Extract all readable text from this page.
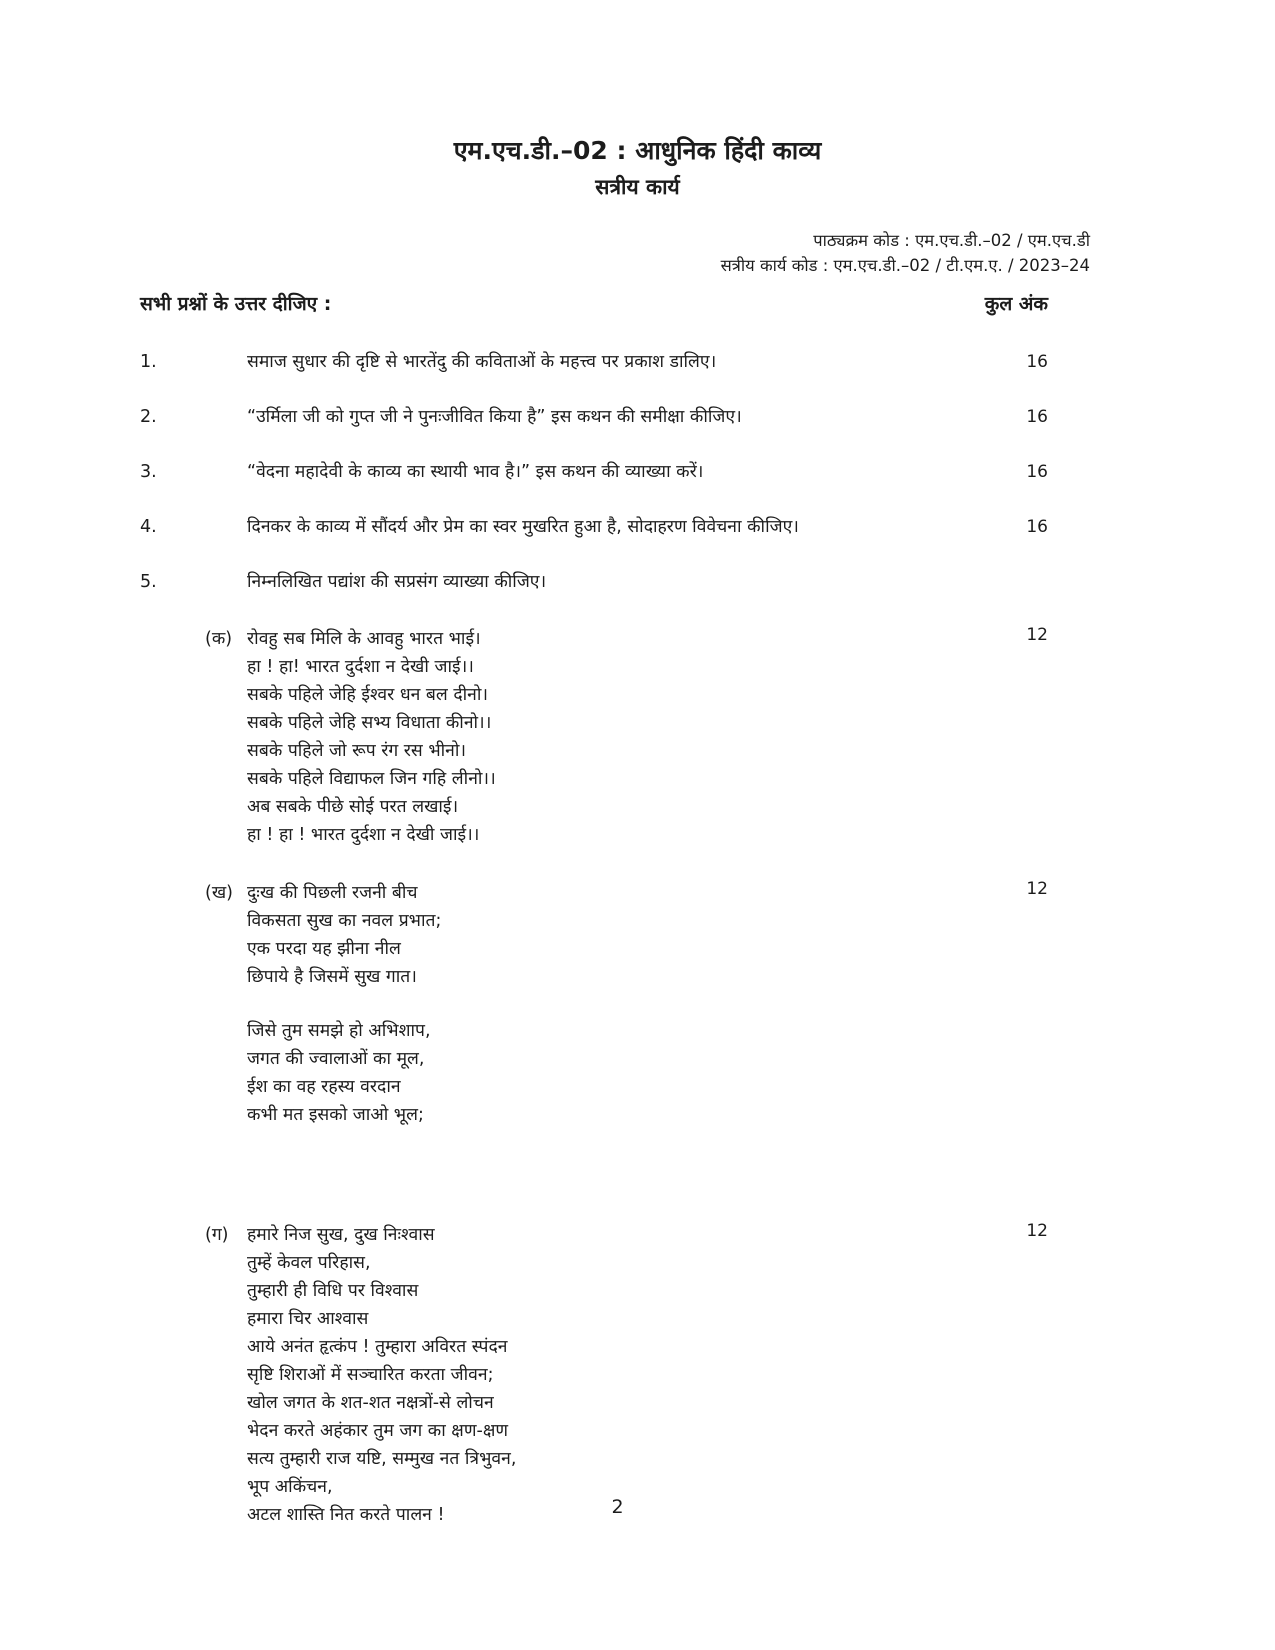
एम.एच.डी.–02 : आधुनिक हिंदी काव्य
सत्रीय कार्य
पाठ्यक्रम कोड : एम.एच.डी.–02 / एम.एच.डी
सत्रीय कार्य कोड : एम.एच.डी.–02 / टी.एम.ए. / 2023–24
सभी प्रश्नों के उत्तर दीजिए :	कुल अंक
1.	समाज सुधार की दृष्टि से भारतेंदु की कविताओं के महत्त्व पर प्रकाश डालिए।	16
2.	“उर्मिला जी को गुप्त जी ने पुनःजीवित किया है” इस कथन की समीक्षा कीजिए।	16
3.	“वेदना महादेवी के काव्य का स्थायी भाव है।” इस कथन की व्याख्या करें।	16
4.	दिनकर के काव्य में सौंदर्य और प्रेम का स्वर मुखरित हुआ है, सोदाहरण विवेचना कीजिए।	16
5.	निम्नलिखित पद्यांश की सप्रसंग व्याख्या कीजिए।
(क) रोवहु सब मिलि के आवहु भारत भाई।
हा ! हा! भारत दुर्दशा न देखी जाई।।
सबके पहिले जेहि ईश्वर धन बल दीनो।
सबके पहिले जेहि सभ्य विधाता कीनो।।
सबके पहिले जो रूप रंग रस भीनो।
सबके पहिले विद्याफल जिन गहि लीनो।।
अब सबके पीछे सोई परत लखाई।
हा ! हा ! भारत दुर्दशा न देखी जाई।।
12
(ख) दुःख की पिछली रजनी बीच
विकसता सुख का नवल प्रभात;
एक परदा यह झीना नील
छिपाये है जिसमें सुख गात।
जिसे तुम समझे हो अभिशाप,
जगत की ज्वालाओं का मूल,
ईश का वह रहस्य वरदान
कभी मत इसको जाओ भूल;
12
(ग)	हमारे निज सुख, दुख निःश्वास
तुम्हें केवल परिहास,
तुम्हारी ही विधि पर विश्वास
हमारा चिर आश्वास
आये अनंत हृत्कंप ! तुम्हारा अविरत स्पंदन
सृष्टि शिराओं में सञ्चारित करता जीवन;
खोल जगत के शत-शत नक्षत्रों-से लोचन
भेदन करते अहंकार तुम जग का क्षण-क्षण
सत्य तुम्हारी राज यष्टि, सम्मुख नत त्रिभुवन,
भूप अकिंचन,
अटल शास्ति नित करते पालन !
12
2
